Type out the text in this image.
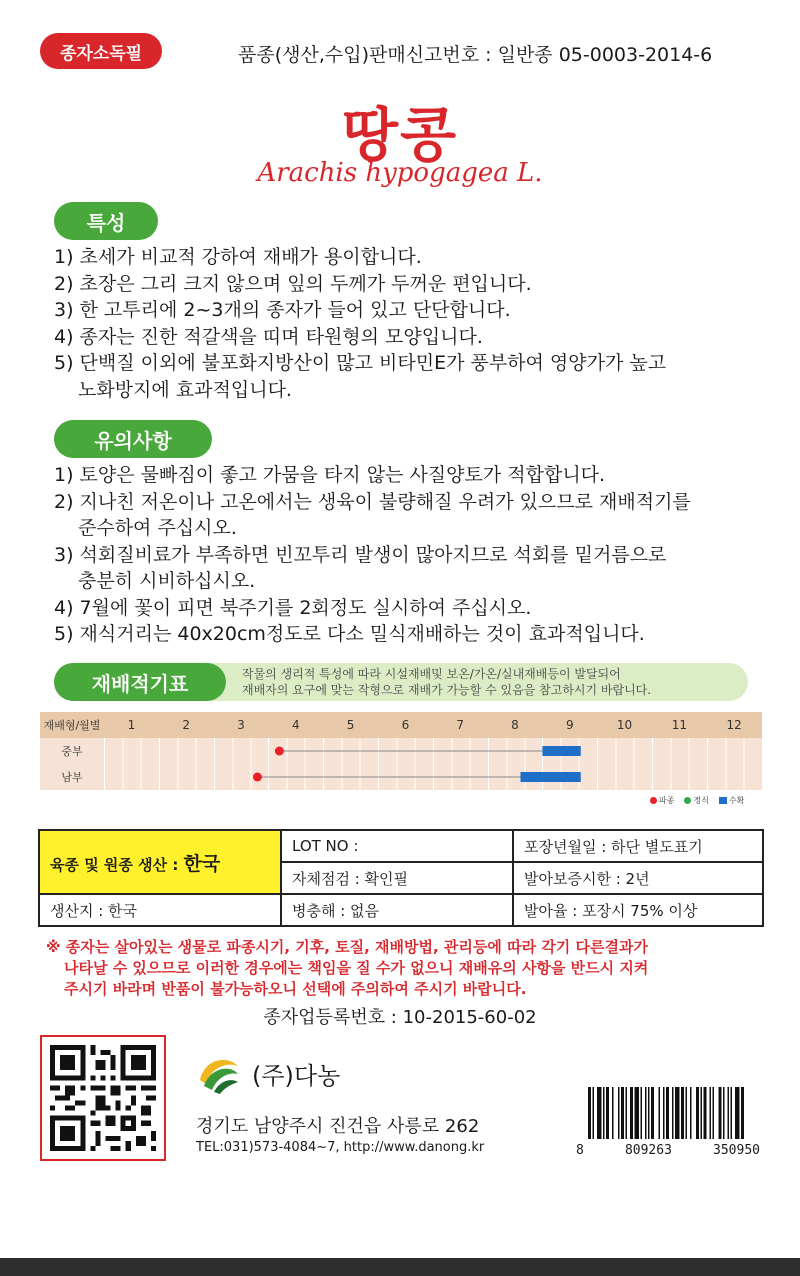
종자소독필	품종(생산,수입)판매신고번호 : 일반종 05-0003-2014-6
땅콩
Arachis hypogagea L.
특성
1) 초세가 비교적 강하여 재배가 용이합니다.
2) 초장은 그리 크지 않으며 잎의 두께가 두꺼운 편입니다.
3) 한 고투리에 2~3개의 종자가 들어 있고 단단합니다.
4) 종자는 진한 적갈색을 띠며 타원형의 모양입니다.
5) 단백질 이외에 불포화지방산이 많고 비타민E가 풍부하여 영양가가 높고
노화방지에 효과적입니다.
유의사항
1) 토양은 물빠짐이 좋고 가뭄을 타지 않는 사질양토가 적합합니다.
2) 지나친 저온이나 고온에서는 생육이 불량해질 우려가 있으므로 재배적기를
준수하여 주십시오.
3) 석회질비료가 부족하면 빈꼬투리 발생이 많아지므로 석회를 밑거름으로
충분히 시비하십시오.
4) 7월에 꽃이 피면 북주기를 2회정도 실시하여 주십시오.
5) 재식거리는 40x20cm정도로 다소 밀식재배하는 것이 효과적입니다.
재배적기표	작물의 생리적 특성에 따라 시설재배및 보온/가온/실내재배등이 발달되어
재배자의 요구에 맞는 작형으로 재배가 가능할 수 있음을 참고하시기 바랍니다.
재배형/월별	1	2	3	4	5	6	7	8	9	10	11	12
중부
남부
파종	정식	수확
육종 및 원종 생산 : 한국	LOT NO :	포장년월일 : 하단 별도표기
	자체점검 : 확인필	발아보증시한 : 2년
생산지 : 한국	병충해 : 없음	발아율 : 포장시 75% 이상
※ 종자는 살아있는 생물로 파종시기, 기후, 토질, 재배방법, 관리등에 따라 각기 다른결과가
나타날 수 있으므로 이러한 경우에는 책임을 질 수가 없으니 재배유의 사항을 반드시 지켜
주시기 바라며 반품이 불가능하오니 선택에 주의하여 주시기 바랍니다.
종자업등록번호 : 10-2015-60-02
(주)다농
경기도 남양주시 진건읍 사릉로 262
TEL:031)573-4084~7, http://www.danong.kr	8	809263	350950
